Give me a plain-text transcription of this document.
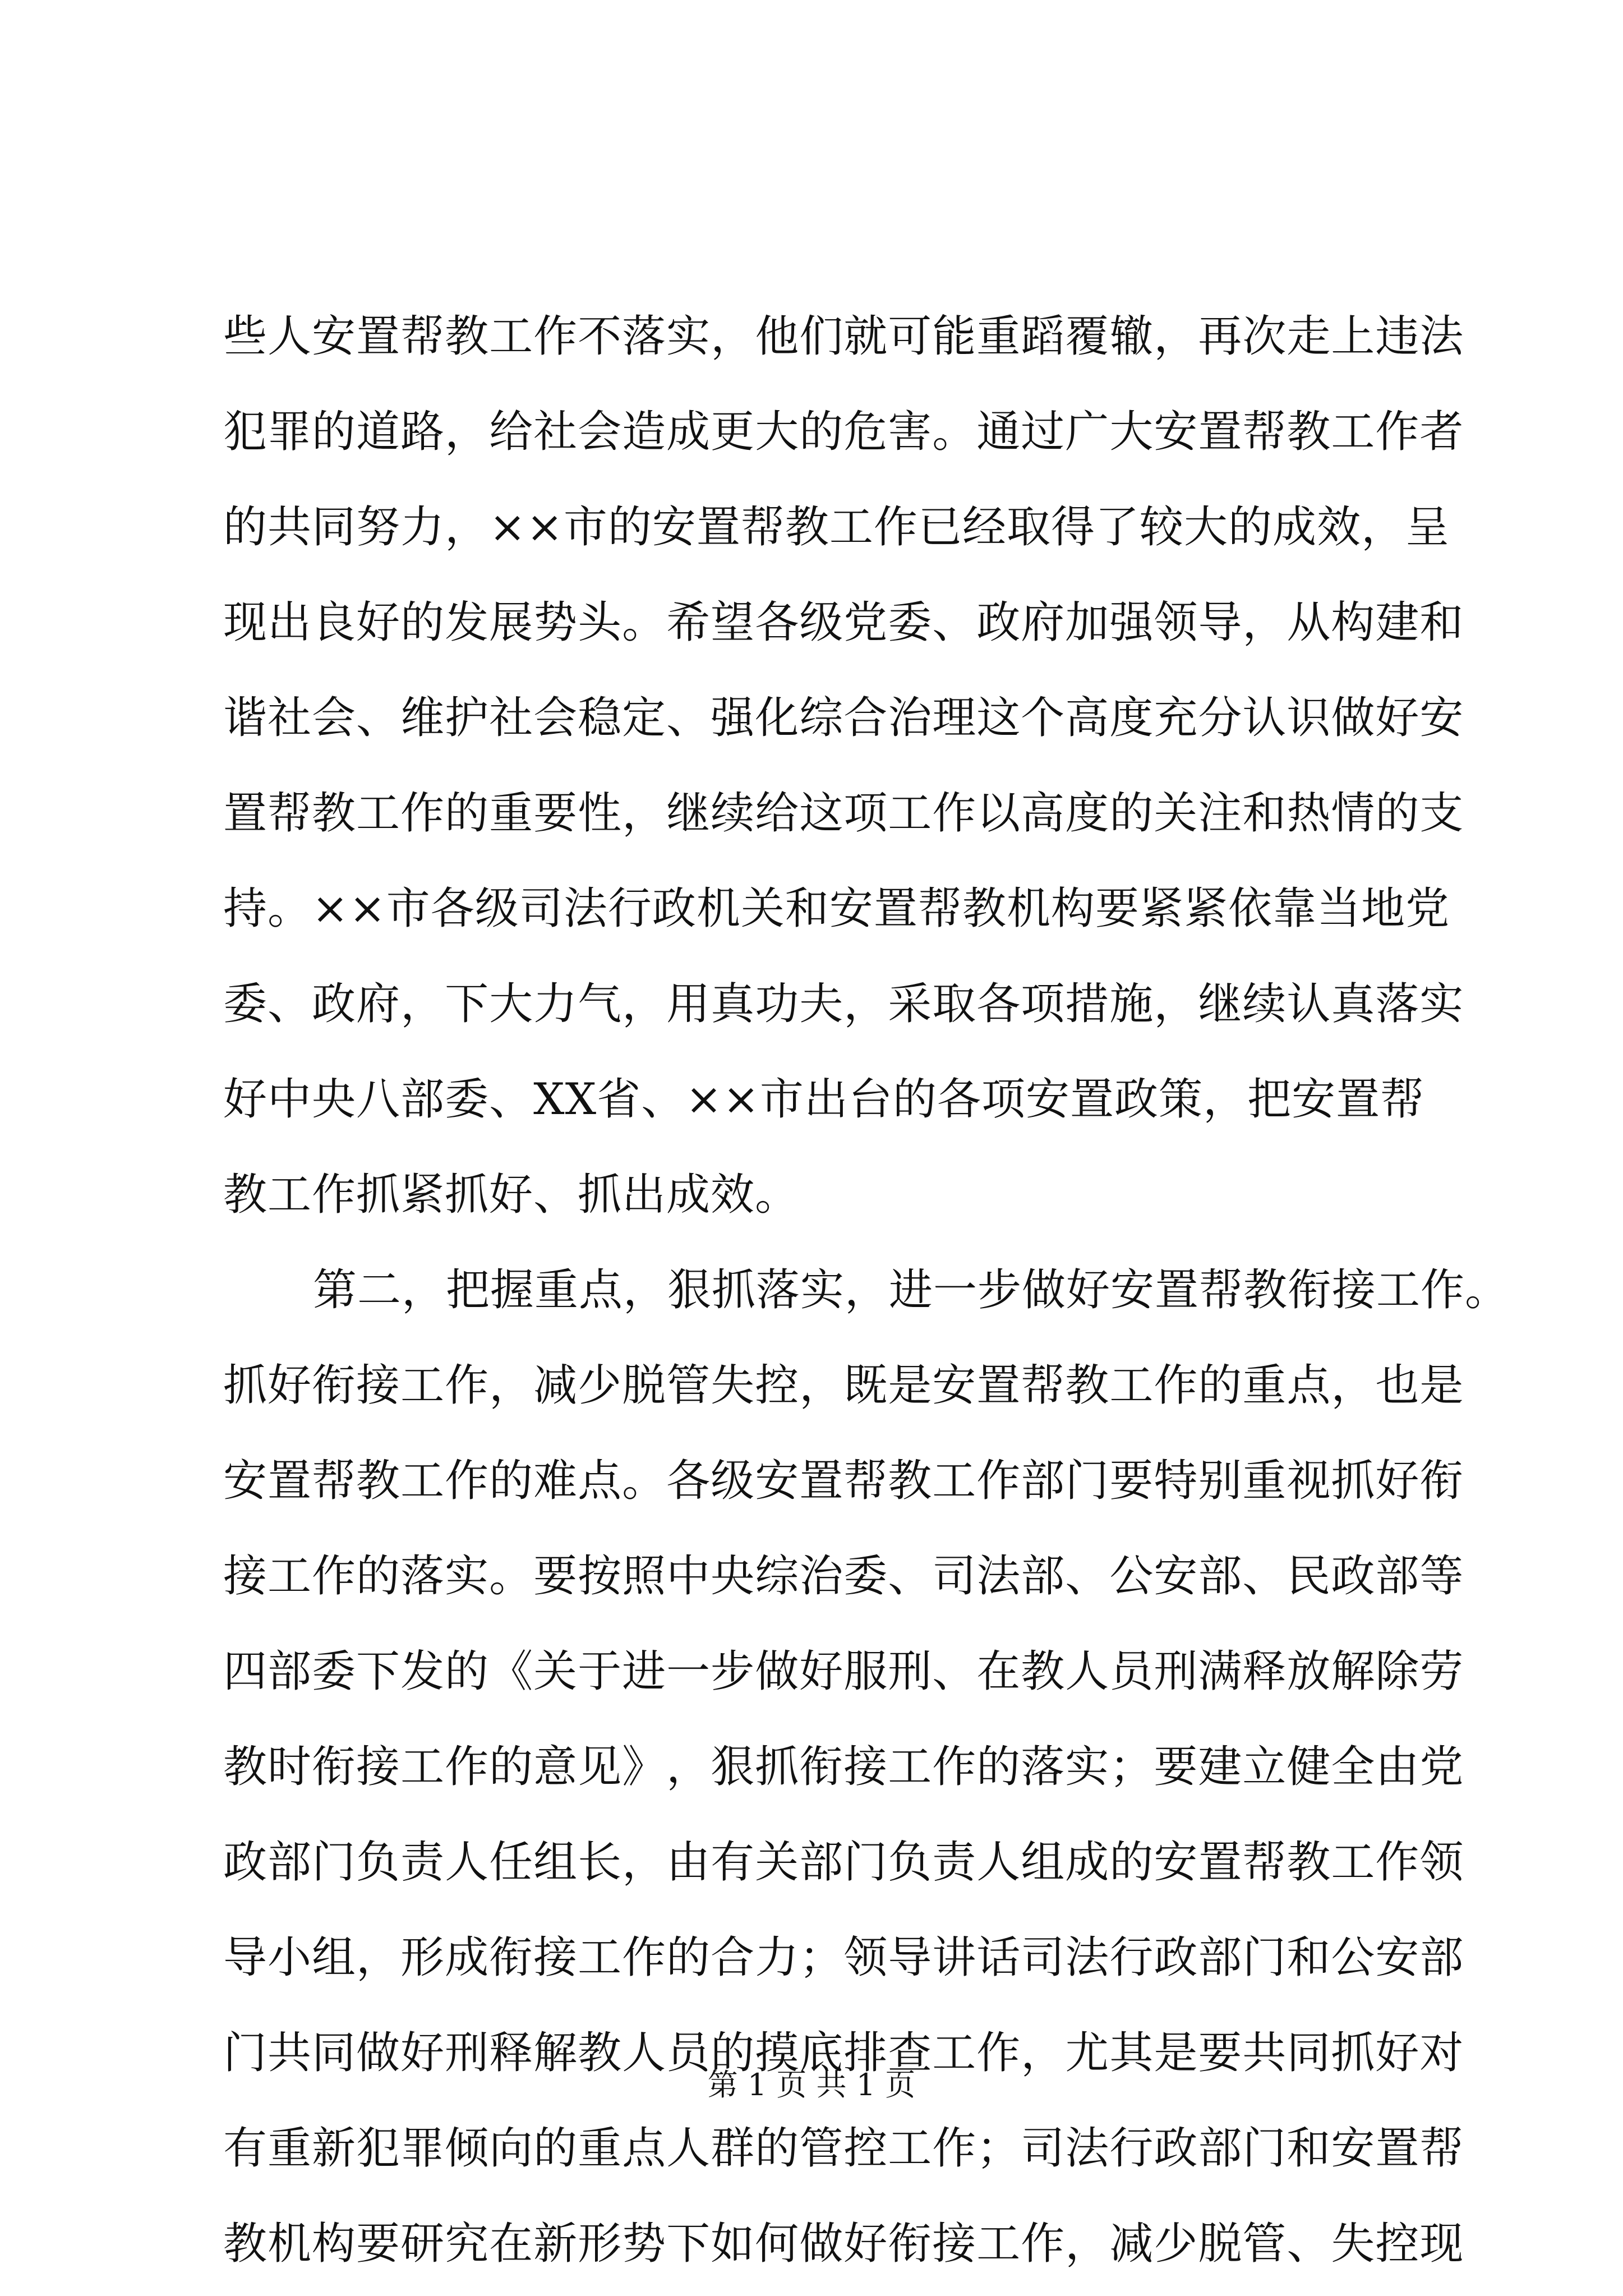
些 人 安 置 帮 教 工 作 不 落 实 ， 他 们 就 可 能 重 蹈 覆 辙 ， 再 次 走 上 违 法
犯 罪 的 道 路 ， 给 社 会 造 成 更 大 的 危 害 。 通 过 广 大 安 置 帮 教 工 作 者
的 共 同 努 力 ， × × 市 的 安 置 帮 教 工 作 已 经 取 得 了 较 大 的 成 效 ， 呈
现 出 良 好 的 发 展 势 头 。 希 望 各 级 党 委 、 政 府 加 强 领 导 ， 从 构 建 和
谐 社 会 、 维 护 社 会 稳 定 、 强 化 综 合 治 理 这 个 高 度 充 分 认 识 做 好 安
置 帮 教 工 作 的 重 要 性 ， 继 续 给 这 项 工 作 以 高 度 的 关 注 和 热 情 的 支
持 。 × × 市 各 级 司 法 行 政 机 关 和 安 置 帮 教 机 构 要 紧 紧 依 靠 当 地 党
委 、 政 府 ， 下 大 力 气 ， 用 真 功 夫 ， 采 取 各 项 措 施 ， 继 续 认 真 落 实
好 中 央 八 部 委 、 X X 省 、 × × 市 出 台 的 各 项 安 置 政 策 ， 把 安 置 帮
教工作抓紧抓好、抓出成效。
第二，把握重点，狠抓落实，进一步做好安置帮教衔接工作。
抓 好 衔 接 工 作 ， 减 少 脱 管 失 控 ， 既 是 安 置 帮 教 工 作 的 重 点 ， 也 是
安 置 帮 教 工 作 的 难 点 。 各 级 安 置 帮 教 工 作 部 门 要 特 别 重 视 抓 好 衔
接 工 作 的 落 实 。 要 按 照 中 央 综 治 委 、 司 法 部 、 公 安 部 、 民 政 部 等
四 部 委 下 发 的 《 关 于 进 一 步 做 好 服 刑 、 在 教 人 员 刑 满 释 放 解 除 劳
教 时 衔 接 工 作 的 意 见 》 ， 狠 抓 衔 接 工 作 的 落 实 ； 要 建 立 健 全 由 党
政 部 门 负 责 人 任 组 长 ， 由 有 关 部 门 负 责 人 组 成 的 安 置 帮 教 工 作 领
导 小 组 ， 形 成 衔 接 工 作 的 合 力 ； 领 导 讲 话 司 法 行 政 部 门 和 公 安 部
门 共 同 做 好 刑 释 解 教 人 员 的 摸 底 排 查 工 作 ， 尤 其 是 要 共 同 抓 好 对
有 重 新 犯 罪 倾 向 的 重 点 人 群 的 管 控 工 作 ； 司 法 行 政 部 门 和 安 置 帮
教 机 构 要 研 究 在 新 形 势 下 如 何 做 好 衔 接 工 作 ， 减 少 脱 管 、 失 控 现
第 1 页 共 1 页
